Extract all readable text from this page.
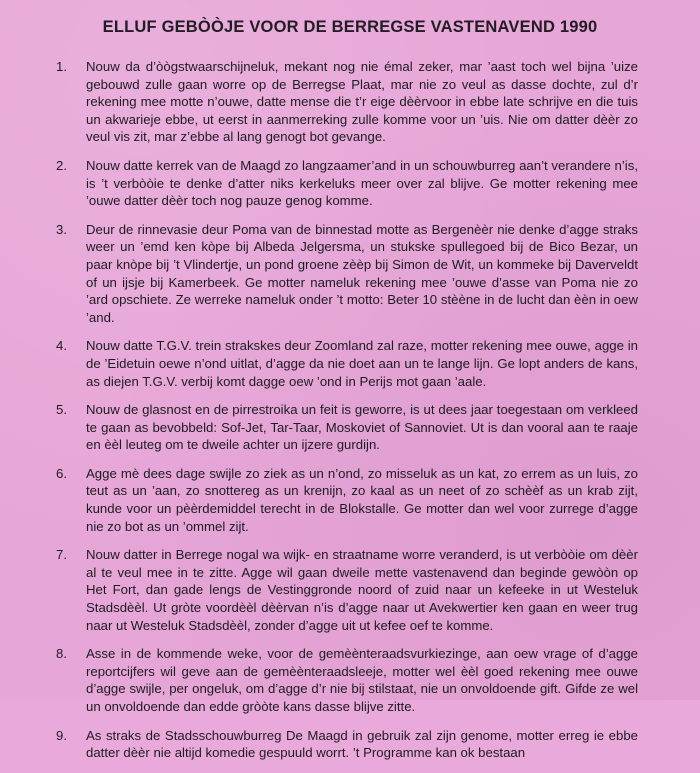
ELLUF GEBÒÒJE VOOR DE BERREGSE VASTENAVEND 1990
1.	Nouw da d’òògstwaarschijneluk, mekant nog nie émal zeker, mar ’aast toch wel bijna ’uize gebouwd zulle gaan worre op de Berregse Plaat, mar nie zo veul as dasse dochte, zul d’r rekening mee motte n’ouwe, datte mense die t’r eige dèèrvoor in ebbe late schrijve en die tuis un akwarieje ebbe, ut eerst in aanmerreking zulle komme voor un ’uis. Nie om datter dèèr zo veul vis zit, mar z’ebbe al lang genogt bot gevange.
2.	Nouw datte kerrek van de Maagd zo langzaamer’and in un schouwburreg aan’t verandere n’is, is ’t verbòòie te denke d’atter niks kerkeluks meer over zal blijve. Ge motter rekening mee ’ouwe datter dèèr toch nog pauze genog komme.
3.	Deur de rinnevasie deur Poma van de binnestad motte as Bergenèèr nie denke d’agge straks weer un ’emd ken kòpe bij Albeda Jelgersma, un stukske spullegoed bij de Bico Bezar, un paar knòpe bij ’t Vlindertje, un pond groene zèèp bij Simon de Wit, un kommeke bij Daverveldt of un ijsje bij Kamerbeek. Ge motter nameluk rekening mee ’ouwe d’asse van Poma nie zo ’ard opschiete. Ze werreke nameluk onder ’t motto: Beter 10 stèène in de lucht dan èèn in oew ’and.
4.	Nouw datte T.G.V. trein strakskes deur Zoomland zal raze, motter rekening mee ouwe, agge in de ’Eidetuin oewe n’ond uitlat, d’agge da nie doet aan un te lange lijn. Ge lopt anders de kans, as diejen T.G.V. verbij komt dagge oew ’ond in Perijs mot gaan ’aale.
5.	Nouw de glasnost en de pirrestroika un feit is geworre, is ut dees jaar toegestaan om verkleed te gaan as bevobbeld: Sof-Jet, Tar-Taar, Moskoviet of Sannoviet. Ut is dan vooral aan te raaje en èèl leuteg om te dweile achter un ijzere gurdijn.
6.	Agge mè dees dage swijle zo ziek as un n’ond, zo misseluk as un kat, zo errem as un luis, zo teut as un ’aan, zo snottereg as un krenijn, zo kaal as un neet of zo schèèf as un krab zijt, kunde voor un pèèrdemiddel terecht in de Blokstalle. Ge motter dan wel voor zurrege d’agge nie zo bot as un ’ommel zijt.
7.	Nouw datter in Berrege nogal wa wijk- en straatname worre veranderd, is ut verbòòie om dèèr al te veul mee in te zitte. Agge wil gaan dweile mette vastenavend dan beginde gewòòn op Het Fort, dan gade lengs de Vestinggronde noord of zuid naar un kefeeke in ut Westeluk Stadsdèèl. Ut gròte voordèèl dèèrvan n’is d’agge naar ut Avekwertier ken gaan en weer trug naar ut Westeluk Stadsdèèl, zonder d’agge uit ut kefee oef te komme.
8.	Asse in de kommende weke, voor de gemèènteraadsvurkiezinge, aan oew vrage of d’agge reportcijfers wil geve aan de gemèènteraadsleeje, motter wel èèl goed rekening mee ouwe d’agge swijle, per ongeluk, om d’agge d’r nie bij stilstaat, nie un onvoldoende gift. Gifde ze wel un onvoldoende dan edde gròòte kans dasse blijve zitte.
9.	As straks de Stadsschouwburreg De Maagd in gebruik zal zijn genome, motter erreg ie ebbe datter dèèr nie altijd komedie gespuuld worrt. ’t Programme kan ok bestaan
